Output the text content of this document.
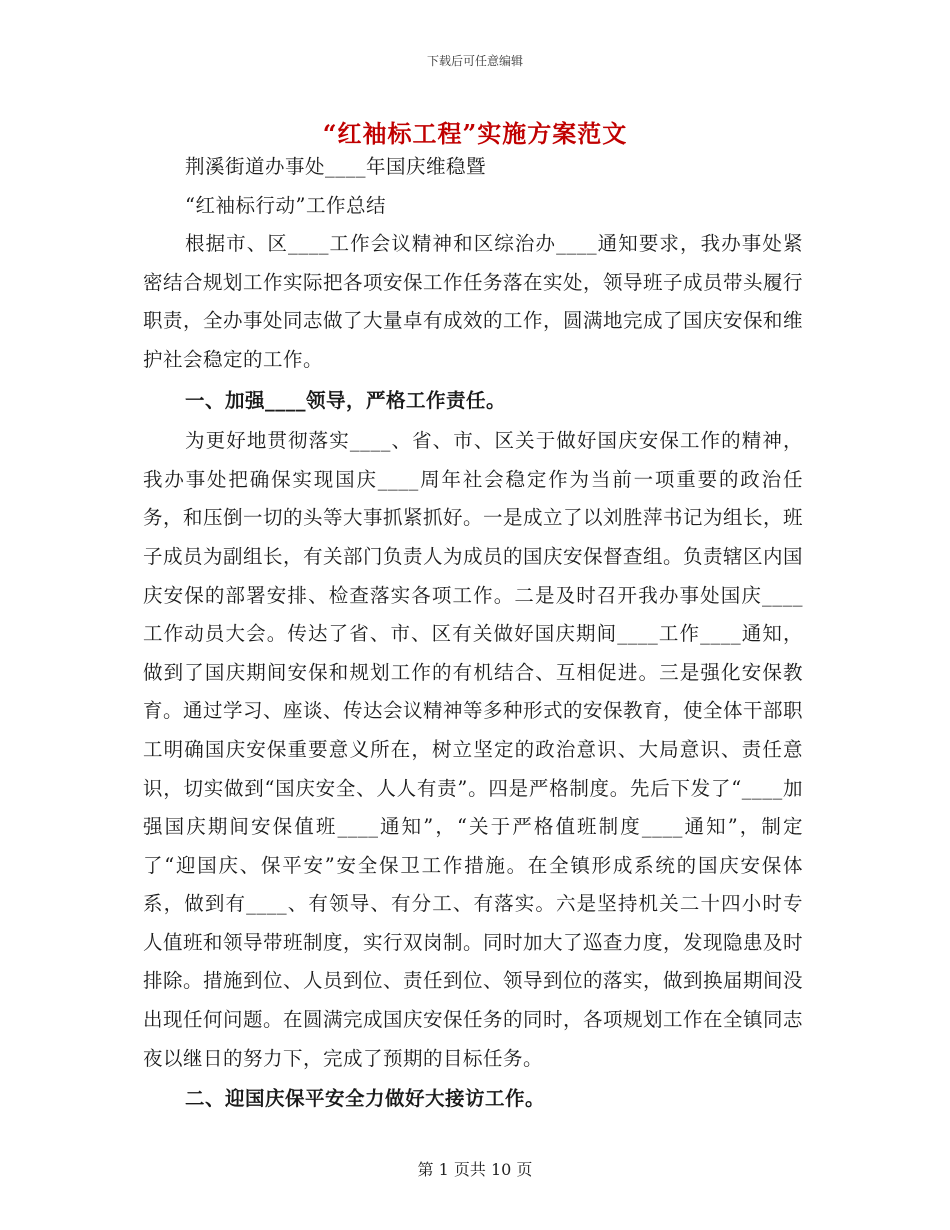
下载后可任意编辑
“红袖标工程”实施方案范文

荆溪街道办事处____年国庆维稳暨

“红袖标行动”工作总结

根据市、区____工作会议精神和区综治办____通知要求，我办事处紧密结合规划工作实际把各项安保工作任务落在实处，领导班子成员带头履行职责，全办事处同志做了大量卓有成效的工作，圆满地完成了国庆安保和维护社会稳定的工作。

一、加强____领导，严格工作责任。

为更好地贯彻落实____、省、市、区关于做好国庆安保工作的精神，我办事处把确保实现国庆____周年社会稳定作为当前一项重要的政治任务，和压倒一切的头等大事抓紧抓好。一是成立了以刘胜萍书记为组长，班子成员为副组长，有关部门负责人为成员的国庆安保督查组。负责辖区内国庆安保的部署安排、检查落实各项工作。二是及时召开我办事处国庆____工作动员大会。传达了省、市、区有关做好国庆期间____工作____通知，做到了国庆期间安保和规划工作的有机结合、互相促进。三是强化安保教育。通过学习、座谈、传达会议精神等多种形式的安保教育，使全体干部职工明确国庆安保重要意义所在，树立坚定的政治意识、大局意识、责任意识，切实做到“国庆安全、人人有责”。四是严格制度。先后下发了“____加强国庆期间安保值班____通知”，“关于严格值班制度____通知”，制定了“迎国庆、保平安”安全保卫工作措施。在全镇形成系统的国庆安保体系，做到有____、有领导、有分工、有落实。六是坚持机关二十四小时专人值班和领导带班制度，实行双岗制。同时加大了巡查力度，发现隐患及时排除。措施到位、人员到位、责任到位、领导到位的落实，做到换届期间没出现任何问题。在圆满完成国庆安保任务的同时，各项规划工作在全镇同志夜以继日的努力下，完成了预期的目标任务。

二、迎国庆保平安全力做好大接访工作。

第 1 页共 10 页
